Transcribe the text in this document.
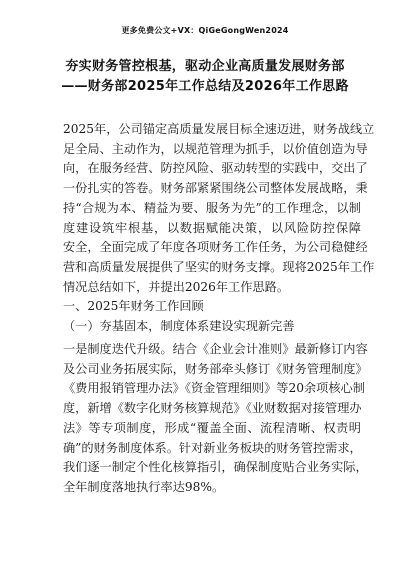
更多免费公文+VX：QiGeGongWen2024
夯实财务管控根基，驱动企业高质量发展财务部
——财务部2025年工作总结及2026年工作思路
2025年，公司锚定高质量发展目标全速迈进，财务战线立
足全局、主动作为，以规范管理为抓手，以价值创造为导
向，在服务经营、防控风险、驱动转型的实践中，交出了
一份扎实的答卷。财务部紧紧围绕公司整体发展战略，秉
持“合规为本、精益为要、服务为先”的工作理念，以制
度建设筑牢根基，以数据赋能决策，以风险防控保障
安全，全面完成了年度各项财务工作任务，为公司稳健经
营和高质量发展提供了坚实的财务支撑。现将2025年工作
情况总结如下，并提出2026年工作思路。
一、2025年财务工作回顾
（一）夯基固本，制度体系建设实现新完善
一是制度迭代升级。结合《企业会计准则》最新修订内容
及公司业务拓展实际，财务部牵头修订《财务管理制度》
《费用报销管理办法》《资金管理细则》等20余项核心制
度，新增《数字化财务核算规范》《业财数据对接管理办
法》等专项制度，形成“覆盖全面、流程清晰、权责明
确”的财务制度体系。针对新业务板块的财务管控需求，
我们逐一制定个性化核算指引，确保制度贴合业务实际，
全年制度落地执行率达98%。
